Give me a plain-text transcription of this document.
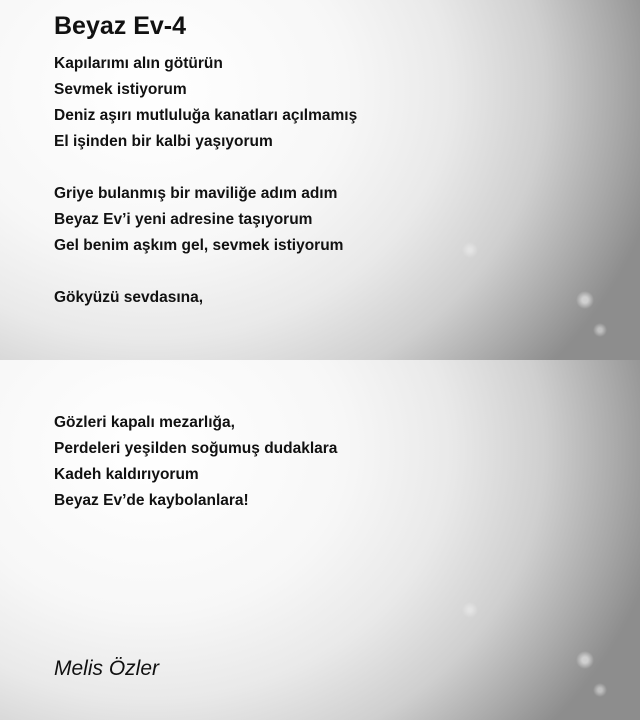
Beyaz Ev-4
Kapılarımı alın götürün
Sevmek istiyorum
Deniz aşırı mutluluğa kanatları açılmamış
El işinden bir kalbi yaşıyorum
Griye bulanmış bir maviliğe adım adım
Beyaz Ev’i yeni adresine taşıyorum
Gel benim aşkım gel, sevmek istiyorum
Gökyüzü sevdasına,
Gözleri kapalı mezarlığa,
Perdeleri yeşilden soğumuş dudaklara
Kadeh kaldırıyorum
Beyaz Ev’de kaybolanlara!

Melis Özler
